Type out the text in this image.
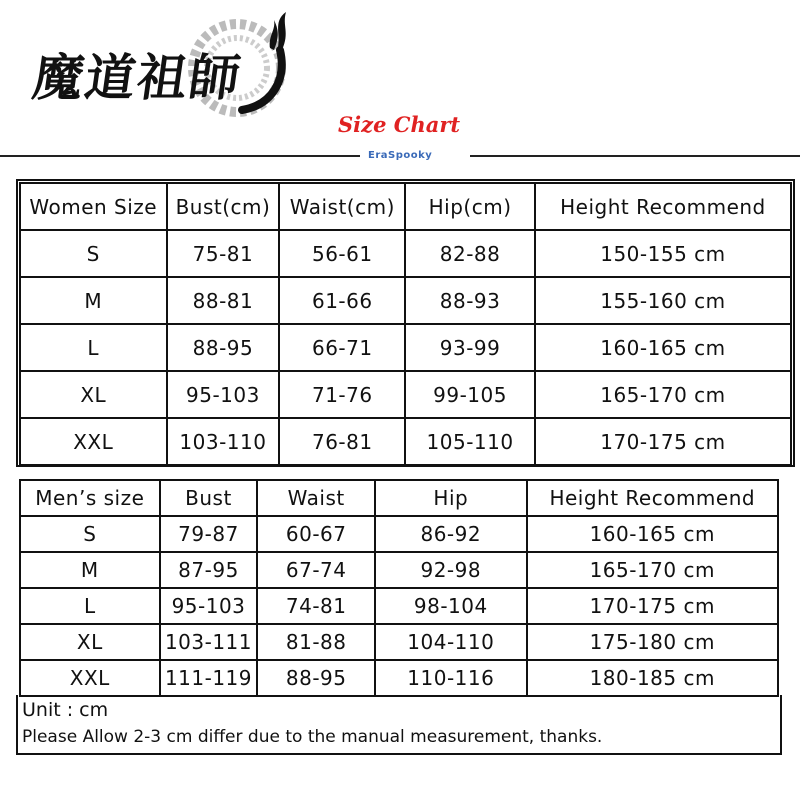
魔道祖師
Size Chart
EraSpooky
Women Size	Bust(cm)	Waist(cm)	Hip(cm)	Height Recommend
S	75-81	56-61	82-88	150-155 cm
M	88-81	61-66	88-93	155-160 cm
L	88-95	66-71	93-99	160-165 cm
XL	95-103	71-76	99-105	165-170 cm
XXL	103-110	76-81	105-110	170-175 cm
Men’s size	Bust	Waist	Hip	Height Recommend
S	79-87	60-67	86-92	160-165 cm
M	87-95	67-74	92-98	165-170 cm
L	95-103	74-81	98-104	170-175 cm
XL	103-111	81-88	104-110	175-180 cm
XXL	111-119	88-95	110-116	180-185 cm
Unit : cm
Please Allow 2-3 cm differ due to the manual measurement, thanks.
